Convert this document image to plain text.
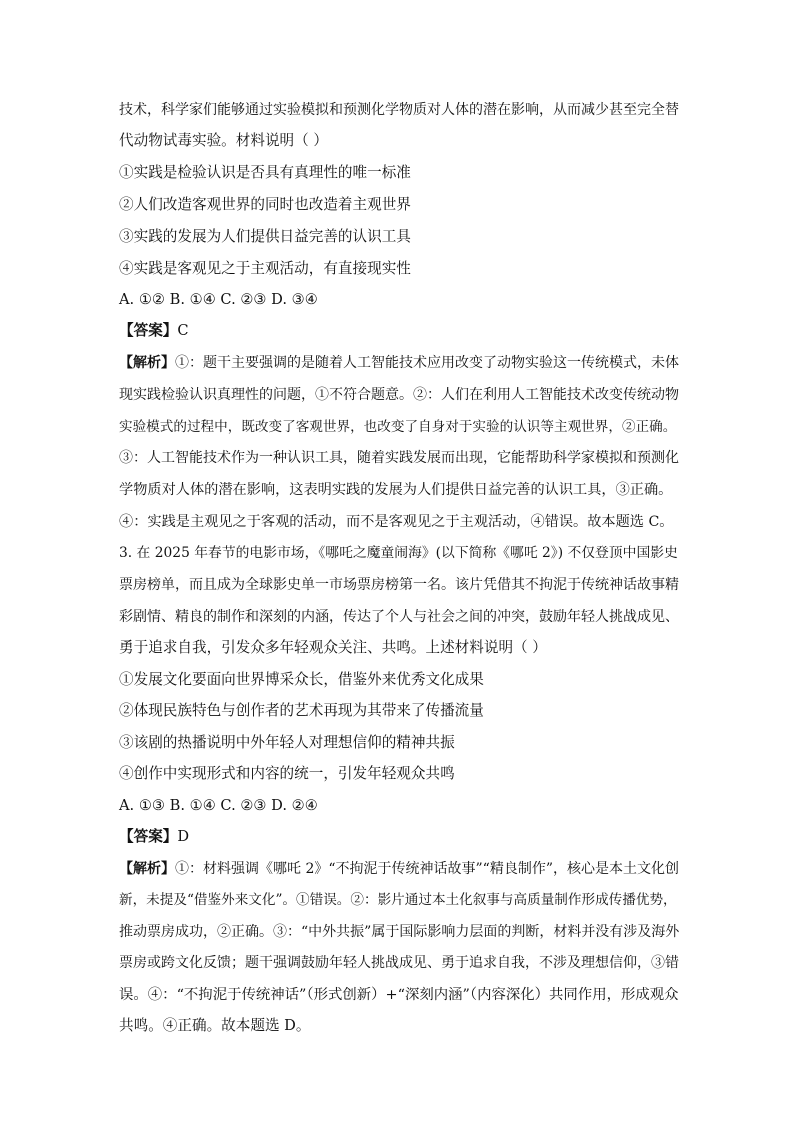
技术，科学家们能够通过实验模拟和预测化学物质对人体的潜在影响，从而减少甚至完全替
代动物试毒实验。材料说明（ ）
①实践是检验认识是否具有真理性的唯一标准
②人们改造客观世界的同时也改造着主观世界
③实践的发展为人们提供日益完善的认识工具
④实践是客观见之于主观活动，有直接现实性
A. ①② B. ①④ C. ②③ D. ③④
【答案】C
【解析】①：题干主要强调的是随着人工智能技术应用改变了动物实验这一传统模式，未体
现实践检验认识真理性的问题，①不符合题意。②：人们在利用人工智能技术改变传统动物
实验模式的过程中，既改变了客观世界，也改变了自身对于实验的认识等主观世界，②正确。
③：人工智能技术作为一种认识工具，随着实践发展而出现，它能帮助科学家模拟和预测化
学物质对人体的潜在影响，这表明实践的发展为人们提供日益完善的认识工具，③正确。
④：实践是主观见之于客观的活动，而不是客观见之于主观活动，④错误。故本题选 C。
3. 在 2025 年春节的电影市场，《哪吒之魔童闹海》(以下简称《哪吒 2》) 不仅登顶中国影史
票房榜单，而且成为全球影史单一市场票房榜第一名。该片凭借其不拘泥于传统神话故事精
彩剧情、精良的制作和深刻的内涵，传达了个人与社会之间的冲突，鼓励年轻人挑战成见、
勇于追求自我，引发众多年轻观众关注、共鸣。上述材料说明（ ）
①发展文化要面向世界博采众长，借鉴外来优秀文化成果
②体现民族特色与创作者的艺术再现为其带来了传播流量
③该剧的热播说明中外年轻人对理想信仰的精神共振
④创作中实现形式和内容的统一，引发年轻观众共鸣
A. ①③ B. ①④ C. ②③ D. ②④
【答案】D
【解析】①：材料强调《哪吒 2》“不拘泥于传统神话故事”“精良制作”，核心是本土文化创
新，未提及“借鉴外来文化”。①错误。②：影片通过本土化叙事与高质量制作形成传播优势，
推动票房成功，②正确。③：“中外共振”属于国际影响力层面的判断，材料并没有涉及海外
票房或跨文化反馈；题干强调鼓励年轻人挑战成见、勇于追求自我，不涉及理想信仰，③错
误。④：“不拘泥于传统神话”（形式创新）+“深刻内涵”（内容深化）共同作用，形成观众
共鸣。④正确。故本题选 D。
